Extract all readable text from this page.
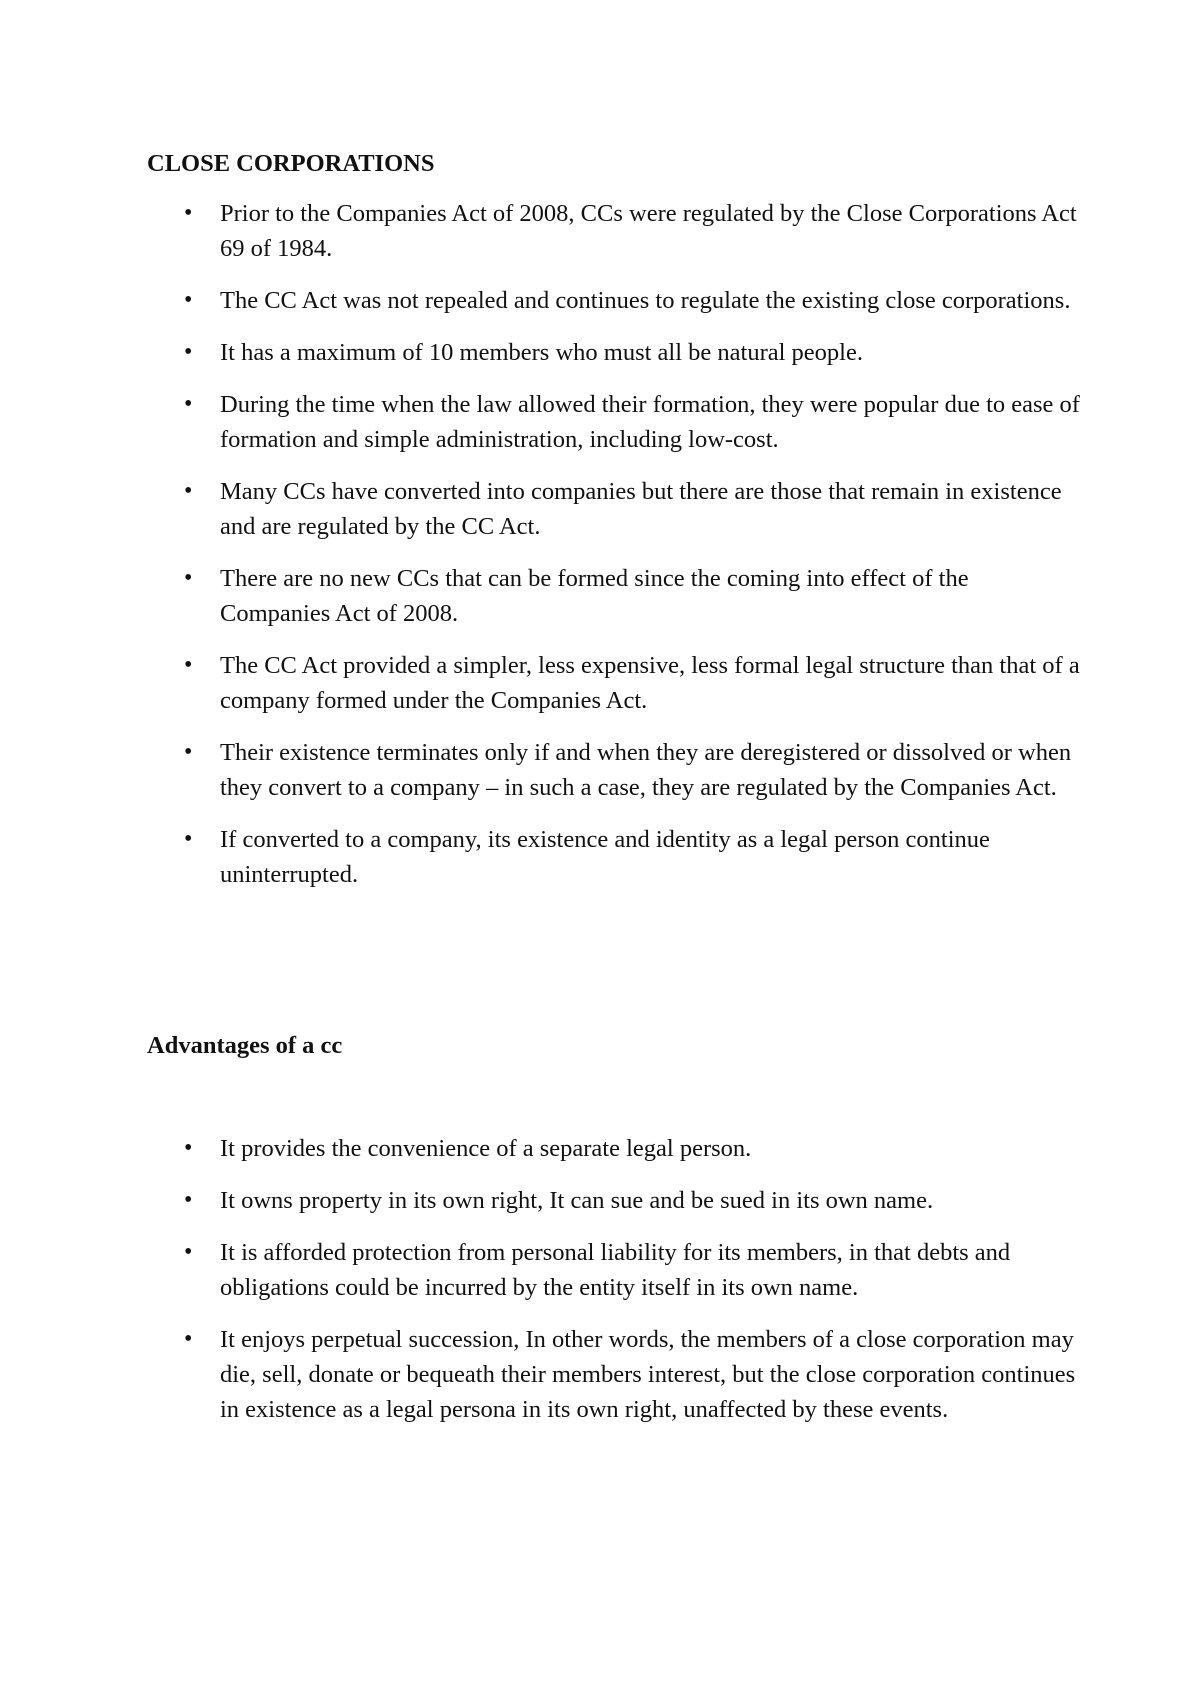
CLOSE CORPORATIONS
• Prior to the Companies Act of 2008, CCs were regulated by the Close Corporations Act 69 of 1984.
• The CC Act was not repealed and continues to regulate the existing close corporations.
• It has a maximum of 10 members who must all be natural people.
• During the time when the law allowed their formation, they were popular due to ease of formation and simple administration, including low-cost.
• Many CCs have converted into companies but there are those that remain in existence and are regulated by the CC Act.
• There are no new CCs that can be formed since the coming into effect of the Companies Act of 2008.
• The CC Act provided a simpler, less expensive, less formal legal structure than that of a company formed under the Companies Act.
• Their existence terminates only if and when they are deregistered or dissolved or when they convert to a company – in such a case, they are regulated by the Companies Act.
• If converted to a company, its existence and identity as a legal person continue uninterrupted.
Advantages of a cc
• It provides the convenience of a separate legal person.
• It owns property in its own right, It can sue and be sued in its own name.
• It is afforded protection from personal liability for its members, in that debts and obligations could be incurred by the entity itself in its own name.
• It enjoys perpetual succession, In other words, the members of a close corporation may die, sell, donate or bequeath their members interest, but the close corporation continues in existence as a legal persona in its own right, unaffected by these events.
